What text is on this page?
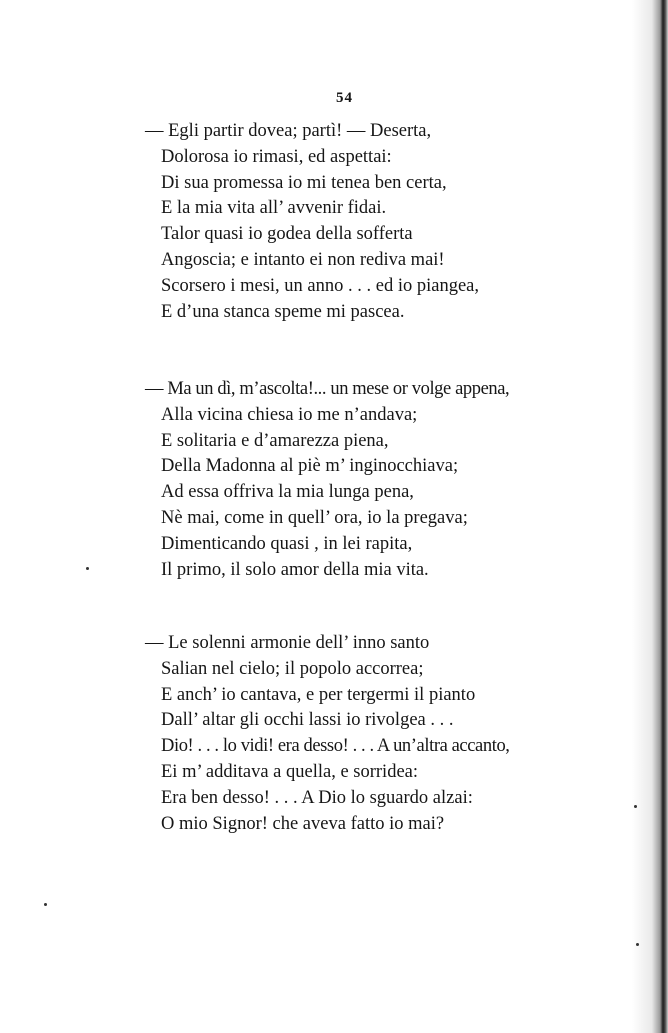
54
— Egli partir dovea; partì! — Deserta,
Dolorosa io rimasi, ed aspettai:
Di sua promessa io mi tenea ben certa,
E la mia vita all’ avvenir fidai.
Talor quasi io godea della sofferta
Angoscia; e intanto ei non rediva mai!
Scorsero i mesi, un anno . . . ed io piangea,
E d’una stanca speme mi pascea.
— Ma un dì, m’ascolta!... un mese or volge appena,
Alla vicina chiesa io me n’andava;
E solitaria e d’amarezza piena,
Della Madonna al piè m’ inginocchiava;
Ad essa offriva la mia lunga pena,
Nè mai, come in quell’ ora, io la pregava;
Dimenticando quasi , in lei rapita,
Il primo, il solo amor della mia vita.
— Le solenni armonie dell’ inno santo
Salian nel cielo; il popolo accorrea;
E anch’ io cantava, e per tergermi il pianto
Dall’ altar gli occhi lassi io rivolgea . . .
Dio! . . . lo vidi! era desso! . . . A un’altra accanto,
Ei m’ additava a quella, e sorridea:
Era ben desso! . . . A Dio lo sguardo alzai:
O mio Signor! che aveva fatto io mai?
